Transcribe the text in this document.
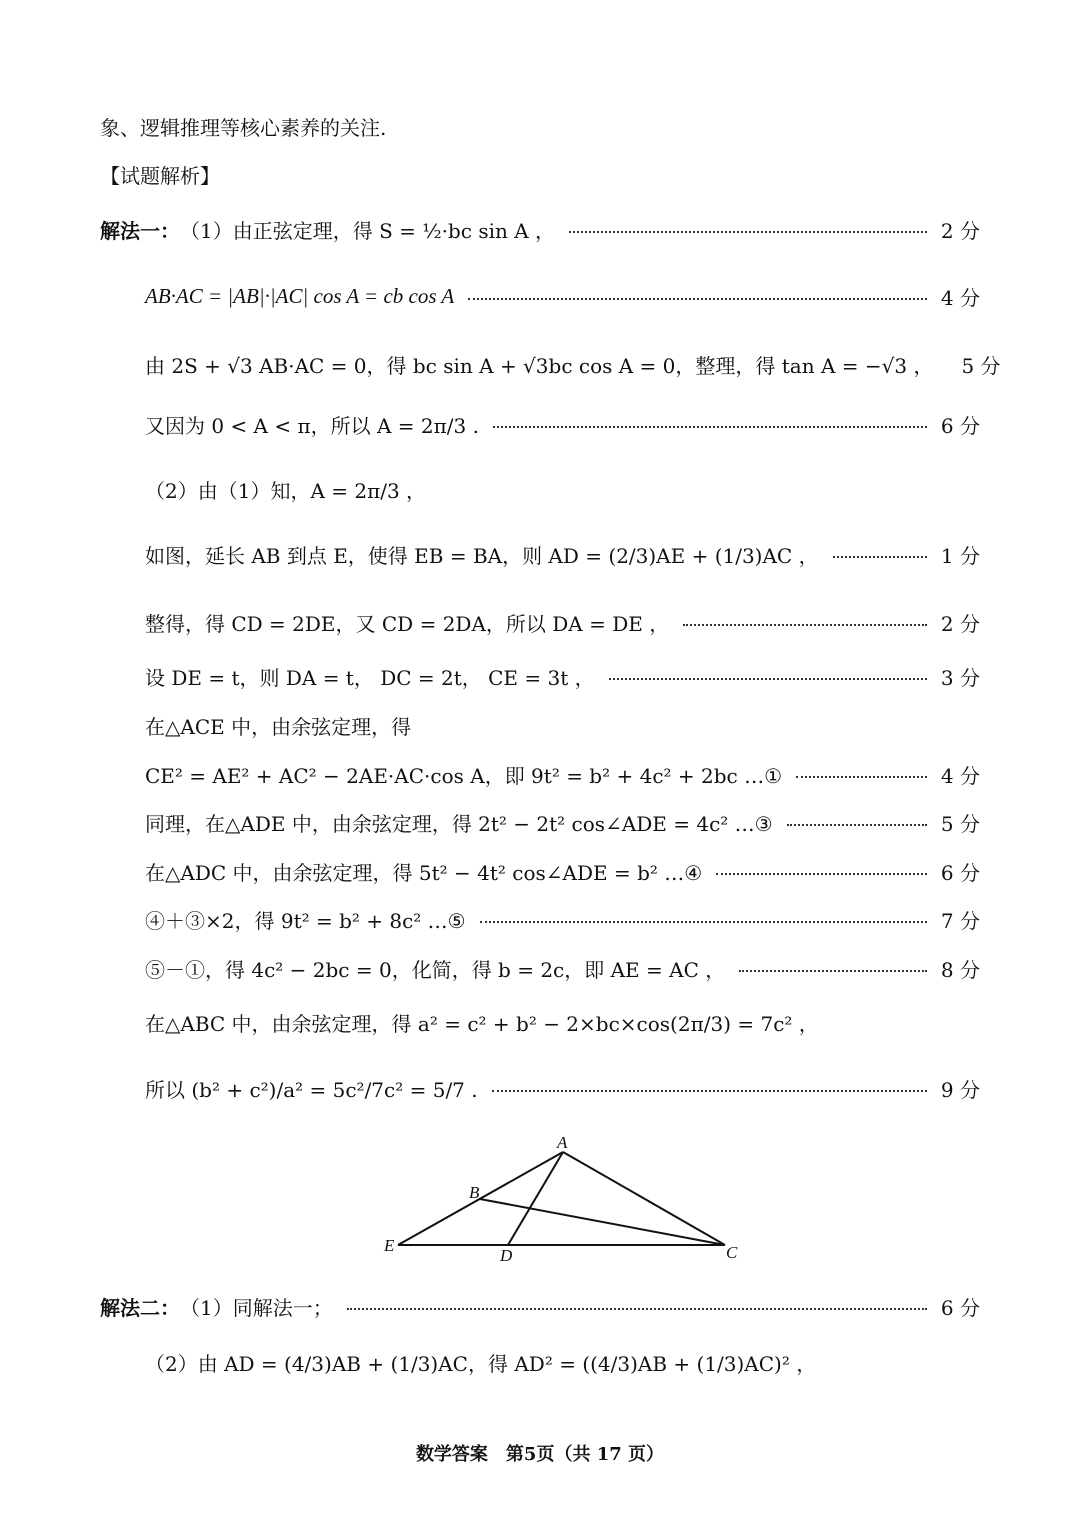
象、逻辑推理等核心素养的关注.
【试题解析】
解法一： （1）由正弦定理，得 S = ½·bc sin A ，	2 分
AB·AC = |AB|·|AC| cos A = cb cos A	4 分
由 2S + √3 AB·AC = 0，得 bc sin A + √3bc cos A = 0，整理，得 tan A = −√3 ， 5 分
又因为 0 < A < π，所以 A = 2π/3 .	6 分
（2）由（1）知，A = 2π/3 ，
如图，延长 AB 到点 E，使得 EB = BA，则 AD = (2/3)AE + (1/3)AC ，	1 分
整得，得 CD = 2DE，又 CD = 2DA，所以 DA = DE ，	2 分
设 DE = t，则 DA = t， DC = 2t， CE = 3t ，	3 分
在△ACE 中，由余弦定理，得
CE² = AE² + AC² − 2AE·AC·cos A，即 9t² = b² + 4c² + 2bc …①	4 分
同理，在△ADE 中，由余弦定理，得 2t² − 2t² cos∠ADE = 4c² …③	5 分
在△ADC 中，由余弦定理，得 5t² − 4t² cos∠ADE = b² …④	6 分
④＋③×2，得 9t² = b² + 8c² …⑤	7 分
⑤－①，得 4c² − 2bc = 0，化简，得 b = 2c，即 AE = AC ，	8 分
在△ABC 中，由余弦定理，得 a² = c² + b² − 2×bc×cos(2π/3) = 7c² ，
所以 (b² + c²)/a² = 5c²/7c² = 5/7 .	9 分
A
B
C
D
E
解法二： （1）同解法一；	6 分
（2）由 AD = (4/3)AB + (1/3)AC，得 AD² = ((4/3)AB + (1/3)AC)² ，
数学答案　第5页（共 17 页）
